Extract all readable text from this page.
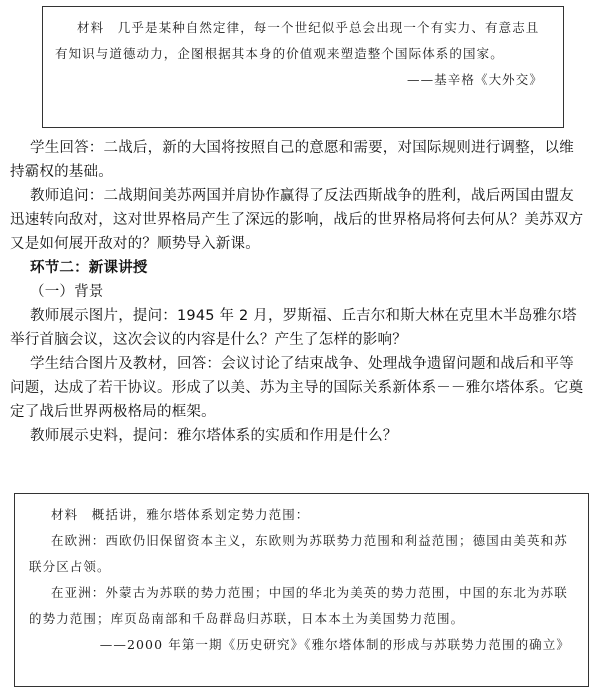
材料　几乎是某种自然定律，每一个世纪似乎总会出现一个有实力、有意志且有知识与道德动力，企图根据其本身的价值观来塑造整个国际体系的国家。

——基辛格《大外交》

学生回答：二战后，新的大国将按照自己的意愿和需要，对国际规则进行调整，以维持霸权的基础。

教师追问：二战期间美苏两国并肩协作赢得了反法西斯战争的胜利，战后两国由盟友迅速转向敌对，这对世界格局产生了深远的影响，战后的世界格局将何去何从？美苏双方又是如何展开敌对的？顺势导入新课。

环节二：新课讲授

（一）背景

教师展示图片，提问：1945 年 2 月，罗斯福、丘吉尔和斯大林在克里木半岛雅尔塔举行首脑会议，这次会议的内容是什么？产生了怎样的影响？

学生结合图片及教材，回答：会议讨论了结束战争、处理战争遗留问题和战后和平等问题，达成了若干协议。形成了以美、苏为主导的国际关系新体系－－雅尔塔体系。它奠定了战后世界两极格局的框架。

教师展示史料，提问：雅尔塔体系的实质和作用是什么？

材料　概括讲，雅尔塔体系划定势力范围：

在欧洲：西欧仍旧保留资本主义，东欧则为苏联势力范围和利益范围；德国由美英和苏联分区占领。

在亚洲：外蒙古为苏联的势力范围；中国的华北为美英的势力范围，中国的东北为苏联的势力范围；库页岛南部和千岛群岛归苏联，日本本土为美国势力范围。

——2000 年第一期《历史研究》《雅尔塔体制的形成与苏联势力范围的确立》
